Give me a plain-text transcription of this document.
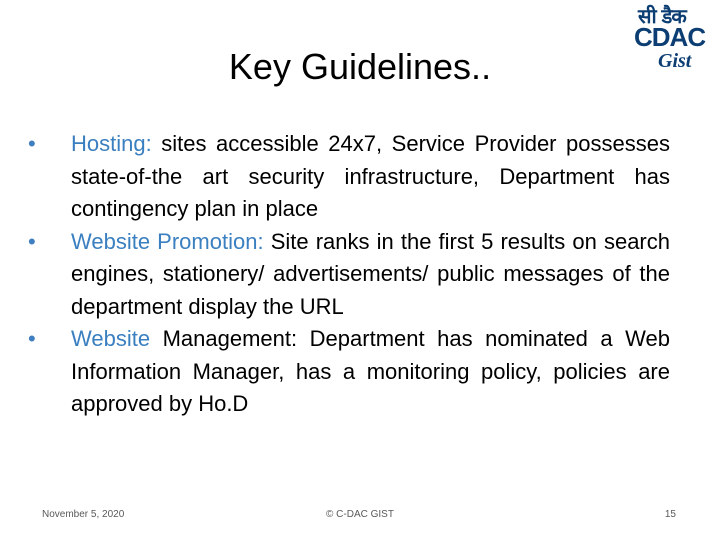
Key Guidelines..
सी डैक
CDAC
Gist
• Hosting: sites accessible 24x7, Service Provider possesses state-of-the art security infrastructure, Department has contingency plan in place
• Website Promotion: Site ranks in the first 5 results on search engines, stationery/ advertisements/ public messages of the department display the URL
• Website Management: Department has nominated a Web Information Manager, has a monitoring policy, policies are approved by Ho.D
November 5, 2020	© C-DAC GIST	15
